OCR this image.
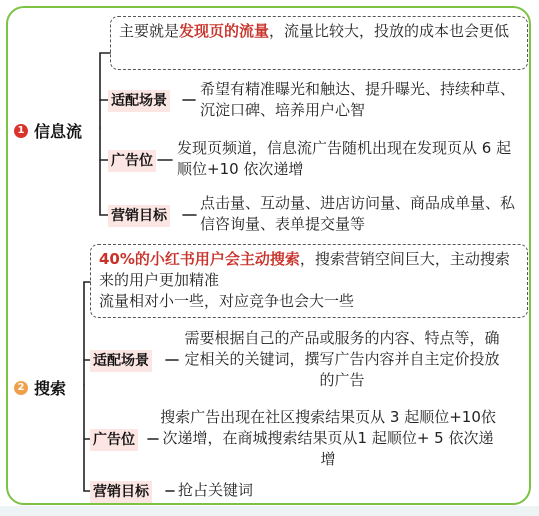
1 信息流
主要就是发现页的流量，流量比较大，投放的成本也会更低
适配场景
希望有精准曝光和触达、提升曝光、持续种草、沉淀口碑、培养用户心智
广告位
发现页频道，信息流广告随机出现在发现页从 6 起顺位+10 依次递增
营销目标
点击量、互动量、进店访问量、商品成单量、私信咨询量、表单提交量等
2 搜索
40%的小红书用户会主动搜索，搜索营销空间巨大，主动搜索来的用户更加精准
流量相对小一些，对应竞争也会大一些
适配场景
需要根据自己的产品或服务的内容、特点等，确定相关的关键词，撰写广告内容并自主定价投放的广告
广告位
搜索广告出现在社区搜索结果页从 3 起顺位+10依次递增，在商城搜索结果页从1 起顺位+ 5 依次递增
营销目标 抢占关键词
